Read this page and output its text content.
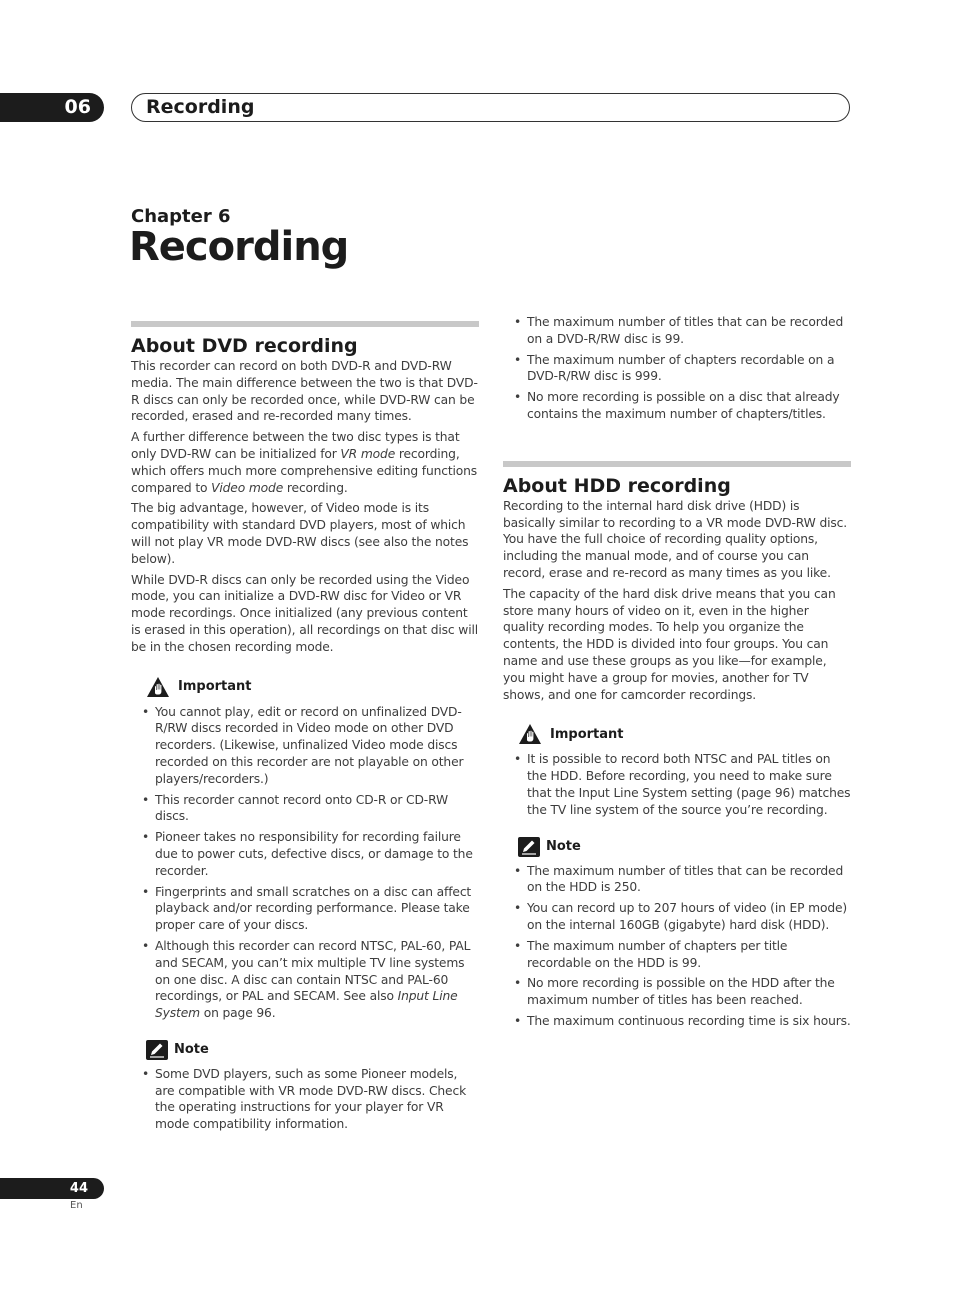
06	Recording
Chapter 6
Recording
About DVD recording

This recorder can record on both DVD-R and DVD-RW media. The main difference between the two is that DVD-R discs can only be recorded once, while DVD-RW can be recorded, erased and re-recorded many times.

A further difference between the two disc types is that only DVD-RW can be initialized for VR mode recording, which offers much more comprehensive editing functions compared to Video mode recording.

The big advantage, however, of Video mode is its compatibility with standard DVD players, most of which will not play VR mode DVD-RW discs (see also the notes below).

While DVD-R discs can only be recorded using the Video mode, you can initialize a DVD-RW disc for Video or VR mode recordings. Once initialized (any previous content is erased in this operation), all recordings on that disc will be in the chosen recording mode.

Important
• You cannot play, edit or record on unfinalized DVD-R/RW discs recorded in Video mode on other DVD recorders. (Likewise, unfinalized Video mode discs recorded on this recorder are not playable on other players/recorders.)
• This recorder cannot record onto CD-R or CD-RW discs.
• Pioneer takes no responsibility for recording failure due to power cuts, defective discs, or damage to the recorder.
• Fingerprints and small scratches on a disc can affect playback and/or recording performance. Please take proper care of your discs.
• Although this recorder can record NTSC, PAL-60, PAL and SECAM, you can’t mix multiple TV line systems on one disc. A disc can contain NTSC and PAL-60 recordings, or PAL and SECAM. See also Input Line System on page 96.
Note
• Some DVD players, such as some Pioneer models, are compatible with VR mode DVD-RW discs. Check the operating instructions for your player for VR mode compatibility information.
• The maximum number of titles that can be recorded on a DVD-R/RW disc is 99.
• The maximum number of chapters recordable on a DVD-R/RW disc is 999.
• No more recording is possible on a disc that already contains the maximum number of chapters/titles.
About HDD recording

Recording to the internal hard disk drive (HDD) is basically similar to recording to a VR mode DVD-RW disc. You have the full choice of recording quality options, including the manual mode, and of course you can record, erase and re-record as many times as you like.

The capacity of the hard disk drive means that you can store many hours of video on it, even in the higher quality recording modes. To help you organize the contents, the HDD is divided into four groups. You can name and use these groups as you like—for example, you might have a group for movies, another for TV shows, and one for camcorder recordings.

Important
• It is possible to record both NTSC and PAL titles on the HDD. Before recording, you need to make sure that the Input Line System setting (page 96) matches the TV line system of the source you’re recording.
Note
• The maximum number of titles that can be recorded on the HDD is 250.
• You can record up to 207 hours of video (in EP mode) on the internal 160GB (gigabyte) hard disk (HDD).
• The maximum number of chapters per title recordable on the HDD is 99.
• No more recording is possible on the HDD after the maximum number of titles has been reached.
• The maximum continuous recording time is six hours.
44
En
